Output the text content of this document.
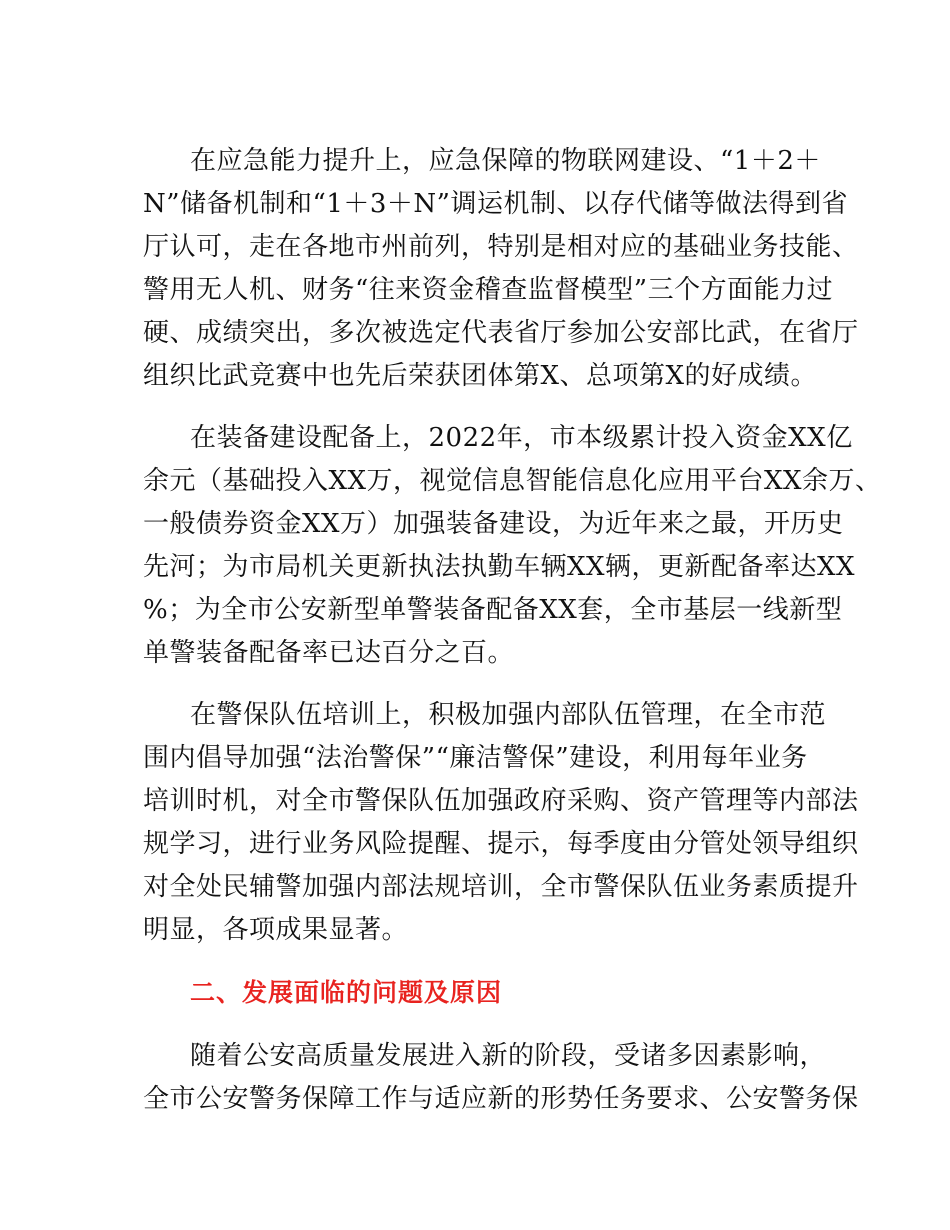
在应急能力提升上，应急保障的物联网建设、“1＋2＋

N”储备机制和“1＋3＋N”调运机制、以存代储等做法得到省

厅认可，走在各地市州前列，特别是相对应的基础业务技能、

警用无人机、财务“往来资金稽查监督模型”三个方面能力过

硬、成绩突出，多次被选定代表省厅参加公安部比武，在省厅

组织比武竞赛中也先后荣获团体第X、总项第X的好成绩。

在装备建设配备上，2022年，市本级累计投入资金XX亿

余元（基础投入XX万，视觉信息智能信息化应用平台XX余万、

一般债券资金XX万）加强装备建设，为近年来之最，开历史

先河；为市局机关更新执法执勤车辆XX辆，更新配备率达XX

%；为全市公安新型单警装备配备XX套，全市基层一线新型

单警装备配备率已达百分之百。

在警保队伍培训上，积极加强内部队伍管理，在全市范

围内倡导加强“法治警保”“廉洁警保”建设，利用每年业务

培训时机，对全市警保队伍加强政府采购、资产管理等内部法

规学习，进行业务风险提醒、提示，每季度由分管处领导组织

对全处民辅警加强内部法规培训，全市警保队伍业务素质提升

明显，各项成果显著。

二、发展面临的问题及原因

随着公安高质量发展进入新的阶段，受诸多因素影响，

全市公安警务保障工作与适应新的形势任务要求、公安警务保
